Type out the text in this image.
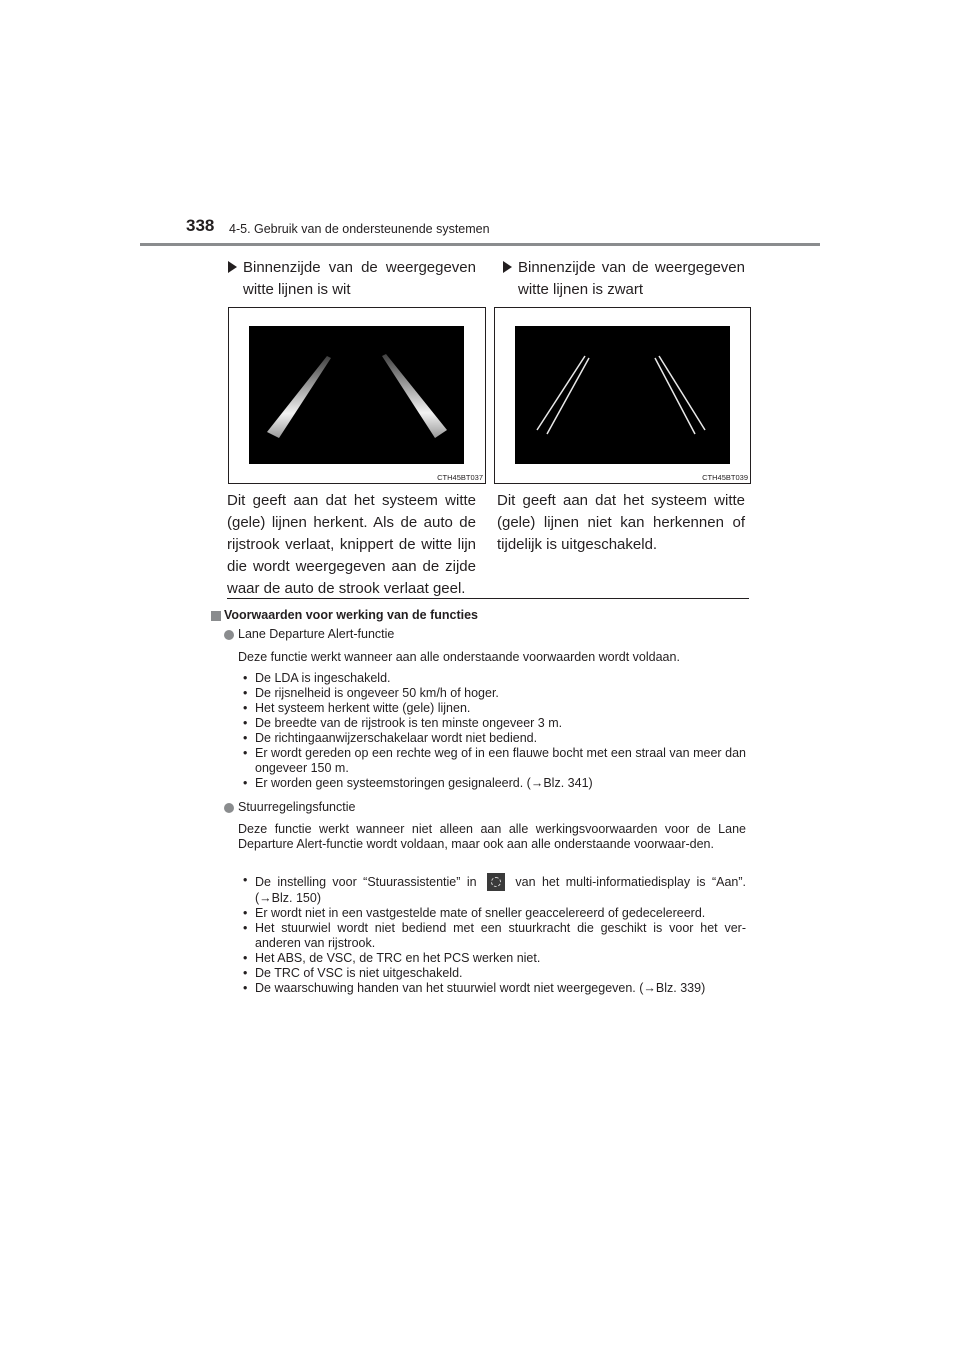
338 4-5. Gebruik van de ondersteunende systemen
Binnenzijde van de weergegeven witte lijnen is wit
Binnenzijde van de weergegeven witte lijnen is zwart
CTH45BT037	CTH45BT039
Dit geeft aan dat het systeem witte (gele) lijnen herkent. Als de auto de rijstrook verlaat, knippert de witte lijn die wordt weergegeven aan de zijde waar de auto de strook verlaat geel.
Dit geeft aan dat het systeem witte (gele) lijnen niet kan herkennen of tijdelijk is uitgeschakeld.
Voorwaarden voor werking van de functies
Lane Departure Alert-functie
Deze functie werkt wanneer aan alle onderstaande voorwaarden wordt voldaan.
• De LDA is ingeschakeld.
• De rijsnelheid is ongeveer 50 km/h of hoger.
• Het systeem herkent witte (gele) lijnen.
• De breedte van de rijstrook is ten minste ongeveer 3 m.
• De richtingaanwijzerschakelaar wordt niet bediend.
• Er wordt gereden op een rechte weg of in een flauwe bocht met een straal van meer dan ongeveer 150 m.
• Er worden geen systeemstoringen gesignaleerd. (→Blz. 341)
Stuurregelingsfunctie
Deze functie werkt wanneer niet alleen aan alle werkingsvoorwaarden voor de Lane Departure Alert-functie wordt voldaan, maar ook aan alle onderstaande voorwaar-den.
• De instelling voor “Stuurassistentie” in	van het multi-informatiedisplay is “Aan”. (→Blz. 150)
• Er wordt niet in een vastgestelde mate of sneller geaccelereerd of gedecelereerd.
• Het stuurwiel wordt niet bediend met een stuurkracht die geschikt is voor het ver-anderen van rijstrook.
• Het ABS, de VSC, de TRC en het PCS werken niet.
• De TRC of VSC is niet uitgeschakeld.
• De waarschuwing handen van het stuurwiel wordt niet weergegeven. (→Blz. 339)
